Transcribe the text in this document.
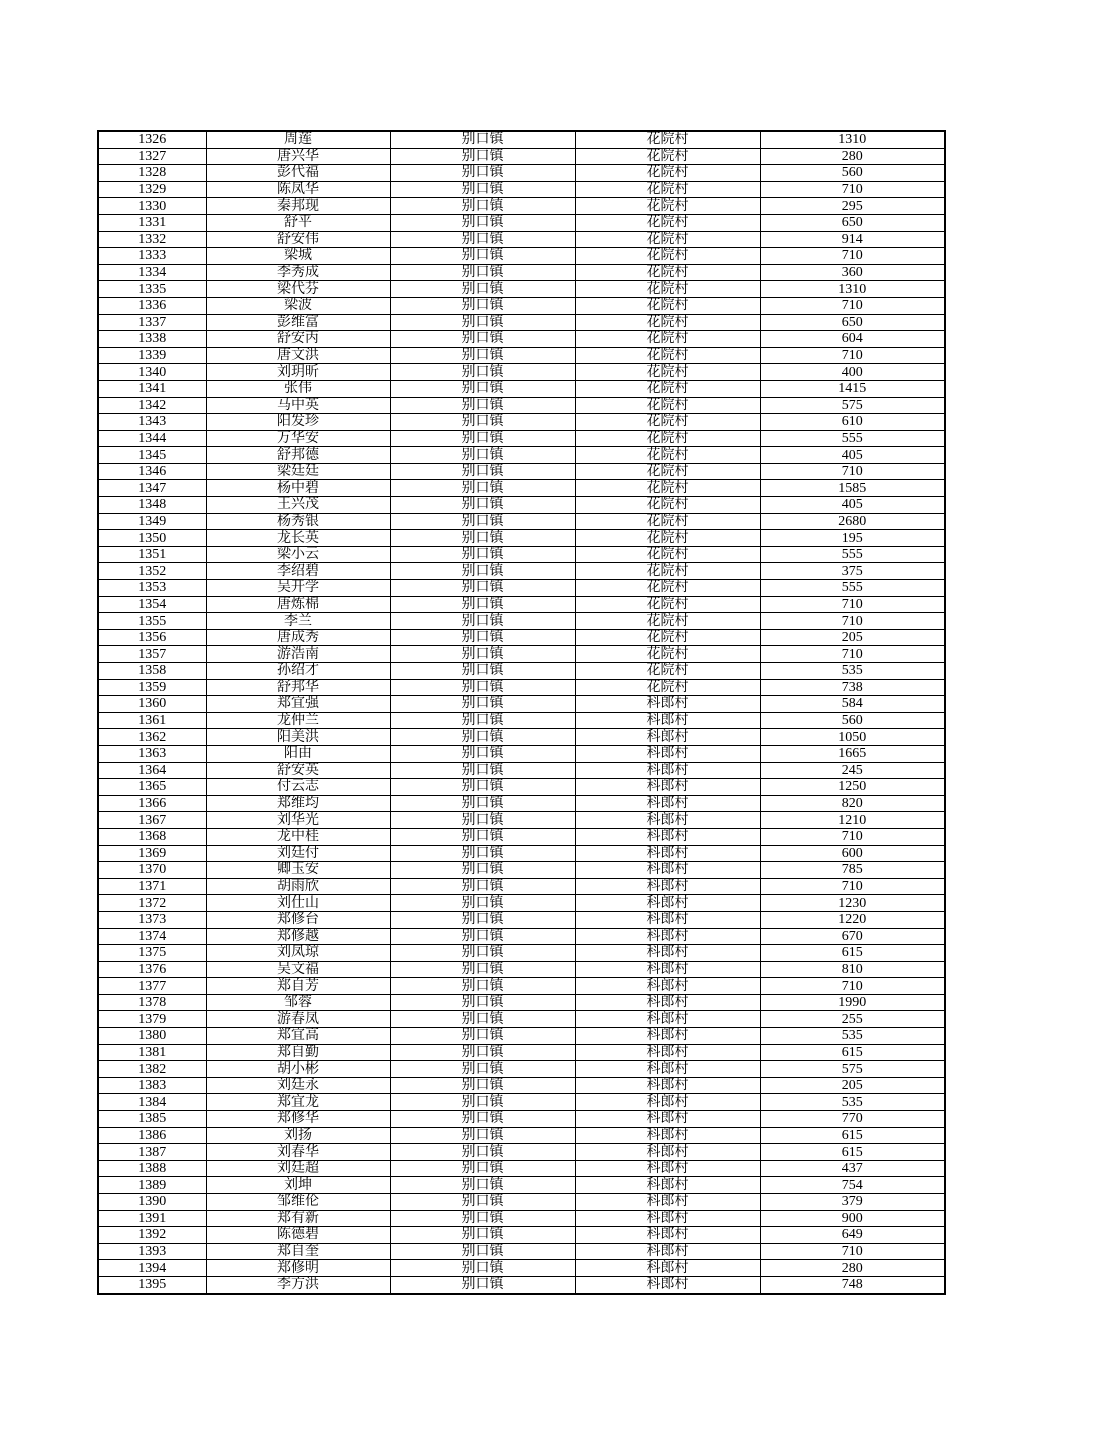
1326	周莲	别口镇	花院村	1310
1327	唐兴华	别口镇	花院村	280
1328	彭代福	别口镇	花院村	560
1329	陈凤华	别口镇	花院村	710
1330	秦邦现	别口镇	花院村	295
1331	舒平	别口镇	花院村	650
1332	舒安伟	别口镇	花院村	914
1333	梁城	别口镇	花院村	710
1334	李秀成	别口镇	花院村	360
1335	梁代芬	别口镇	花院村	1310
1336	梁波	别口镇	花院村	710
1337	彭维富	别口镇	花院村	650
1338	舒安丙	别口镇	花院村	604
1339	唐文洪	别口镇	花院村	710
1340	刘玥昕	别口镇	花院村	400
1341	张伟	别口镇	花院村	1415
1342	马中英	别口镇	花院村	575
1343	阳发珍	别口镇	花院村	610
1344	万华安	别口镇	花院村	555
1345	舒邦德	别口镇	花院村	405
1346	梁廷廷	别口镇	花院村	710
1347	杨中碧	别口镇	花院村	1585
1348	王兴茂	别口镇	花院村	405
1349	杨秀银	别口镇	花院村	2680
1350	龙长英	别口镇	花院村	195
1351	梁小云	别口镇	花院村	555
1352	李绍碧	别口镇	花院村	375
1353	吴开学	别口镇	花院村	555
1354	唐炼棉	别口镇	花院村	710
1355	李兰	别口镇	花院村	710
1356	唐成秀	别口镇	花院村	205
1357	游浩南	别口镇	花院村	710
1358	孙绍才	别口镇	花院村	535
1359	舒邦华	别口镇	花院村	738
1360	郑宜强	别口镇	科郎村	584
1361	龙仲兰	别口镇	科郎村	560
1362	阳美洪	别口镇	科郎村	1050
1363	阳由	别口镇	科郎村	1665
1364	舒安英	别口镇	科郎村	245
1365	付云志	别口镇	科郎村	1250
1366	郑维均	别口镇	科郎村	820
1367	刘华光	别口镇	科郎村	1210
1368	龙中桂	别口镇	科郎村	710
1369	刘廷付	别口镇	科郎村	600
1370	卿玉安	别口镇	科郎村	785
1371	胡雨欣	别口镇	科郎村	710
1372	刘仕山	别口镇	科郎村	1230
1373	郑修台	别口镇	科郎村	1220
1374	郑修越	别口镇	科郎村	670
1375	刘凤琼	别口镇	科郎村	615
1376	吴文福	别口镇	科郎村	810
1377	郑自芳	别口镇	科郎村	710
1378	邹蓉	别口镇	科郎村	1990
1379	游春凤	别口镇	科郎村	255
1380	郑宜高	别口镇	科郎村	535
1381	郑自勤	别口镇	科郎村	615
1382	胡小彬	别口镇	科郎村	575
1383	刘廷永	别口镇	科郎村	205
1384	郑宜龙	别口镇	科郎村	535
1385	郑修华	别口镇	科郎村	770
1386	刘扬	别口镇	科郎村	615
1387	刘春华	别口镇	科郎村	615
1388	刘廷超	别口镇	科郎村	437
1389	刘坤	别口镇	科郎村	754
1390	邹维伦	别口镇	科郎村	379
1391	郑有新	别口镇	科郎村	900
1392	陈德碧	别口镇	科郎村	649
1393	郑自奎	别口镇	科郎村	710
1394	郑修明	别口镇	科郎村	280
1395	李方洪	别口镇	科郎村	748
